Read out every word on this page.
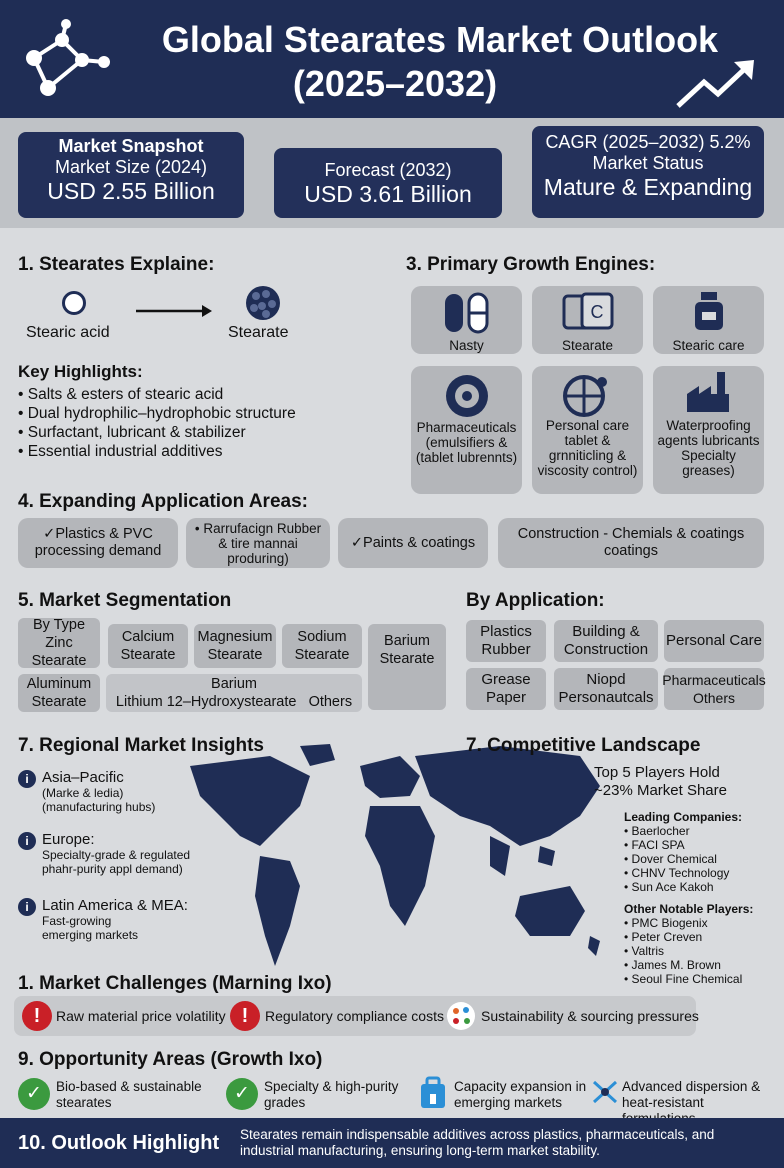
Global Stearates Market Outlook
(2025–2032)
Market Snapshot
Market Size (2024)
USD 2.55 Billion
Forecast (2032)
USD 3.61 Billion
CAGR (2025–2032) 5.2%
Market Status
Mature & Expanding
1. Stearates Explaine:
Stearic acid	Stearate
Key Highlights:
• Salts & esters of stearic acid
• Dual hydrophilic–hydrophobic structure
• Surfactant, lubricant & stabilizer
• Essential industrial additives
3. Primary Growth Engines:
Nasty
C
Stearate	Stearic care
Pharmaceuticals (emulsifiers & (tablet lubrennts)
Personal care tablet & grnniticling & viscosity control)
Waterproofing agents lubricants Specialty greases)
4. Expanding Application Areas:
✓Plastics & PVC processing demand
• Rarrufacign Rubber & tire mannai produring)
✓Paints & coatings
Construction - Chemials & coatings coatings
5. Market Segmentation
By Type Zinc Stearate
Calcium Stearate
Magnesium Stearate
Sodium Stearate
Barium Stearate
Aluminum Stearate
Barium
Lithium 12–Hydroxystearate Others
By Application:
Plastics Rubber
Building & Construction
Personal Care
Grease Paper
Niopd Personautcals
Pharmaceuticals Others
7. Regional Market Insights
i Asia–Pacific
(Marke & ledia) (manufacturing hubs)
i Europe:
Specialty-grade & regulated phahr-purity appl demand)
i Latin America & MEA:
Fast-growing emerging markets
7. Competitive Landscape
Top 5 Players Hold ~23% Market Share
Leading Companies:
• Baerlocher
• FACI SPA
• Dover Chemical
• CHNV Technology
• Sun Ace Kakoh
Other Notable Players:
• PMC Biogenix
• Peter Creven
• Valtris
• James M. Brown
• Seoul Fine Chemical
1. Market Challenges (Marning Ixo)
!	Raw material price volatility !	Regulatory compliance costs	Sustainability & sourcing pressures
9. Opportunity Areas (Growth Ixo)
✓	Bio-based & sustainable stearates	✓	Specialty & high-purity grades
Capacity expansion in emerging markets
Advanced dispersion & heat-resistant
10. Outlook Highlight Stearates remain indispensable additives across plastics, pharmaceuticals, and industrial manufacturing, ensuring long-term market stability.
